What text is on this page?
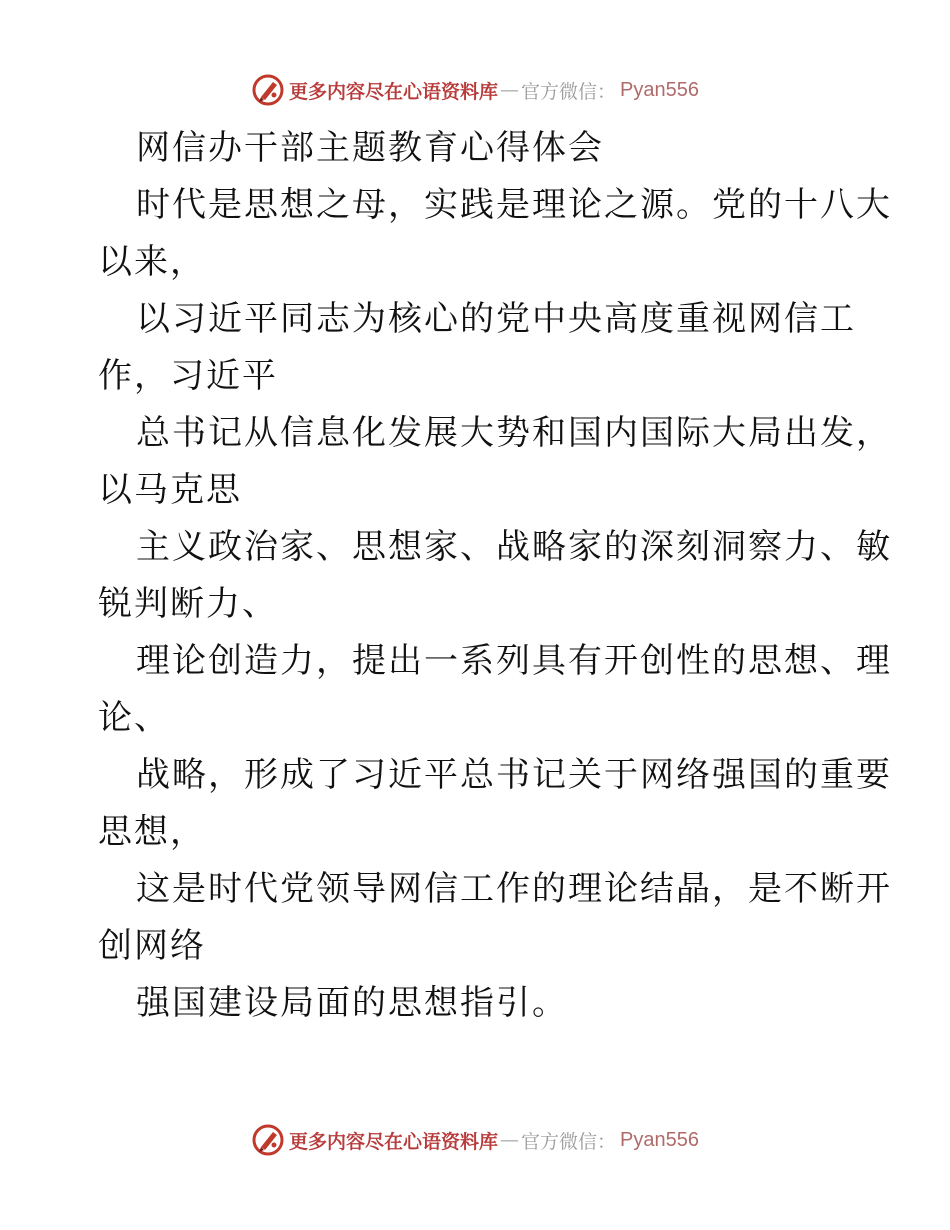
更多内容尽在心语资料库 — 官方微信： Pyan556
网信办干部主题教育心得体会
时代是思想之母，实践是理论之源。党的十八大
以来，
以习近平同志为核心的党中央高度重视网信工
作，习近平
总书记从信息化发展大势和国内国际大局出发，
以马克思
主义政治家、思想家、战略家的深刻洞察力、敏
锐判断力、
理论创造力，提出一系列具有开创性的思想、理
论、
战略，形成了习近平总书记关于网络强国的重要
思想，
这是时代党领导网信工作的理论结晶，是不断开
创网络
强国建设局面的思想指引。
更多内容尽在心语资料库 — 官方微信： Pyan556
